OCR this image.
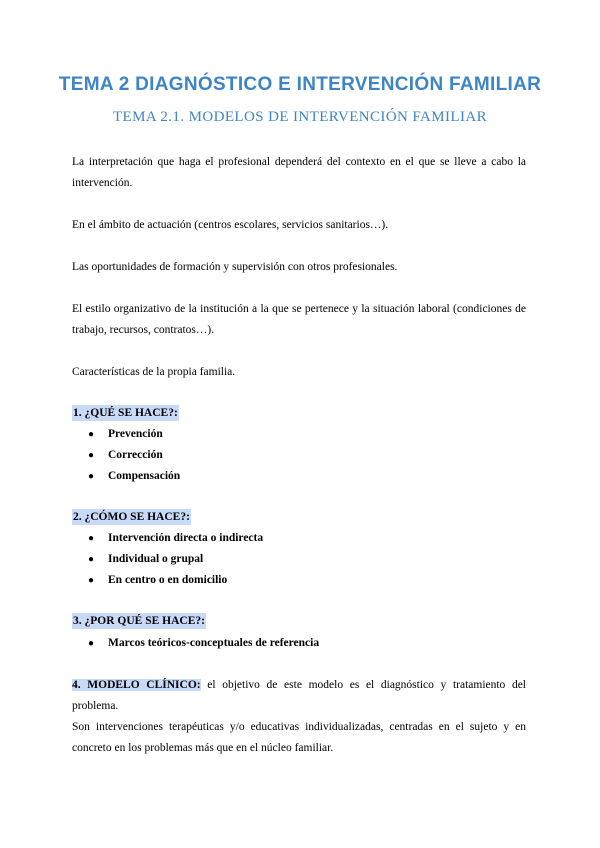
TEMA 2 DIAGNÓSTICO E INTERVENCIÓN FAMILIAR
TEMA 2.1. MODELOS DE INTERVENCIÓN FAMILIAR
La interpretación que haga el profesional dependerá del contexto en el que se lleve a cabo la intervención.
En el ámbito de actuación (centros escolares, servicios sanitarios…).
Las oportunidades de formación y supervisión con otros profesionales.
El estilo organizativo de la institución a la que se pertenece y la situación laboral (condiciones de trabajo, recursos, contratos…).
Características de la propia familia.
1. ¿QUÉ SE HACE?:
●	Prevención
●	Corrección
●	Compensación
2. ¿CÓMO SE HACE?:
●	Intervención directa o indirecta
●	Individual o grupal
●	En centro o en domicilio
3. ¿POR QUÉ SE HACE?:
●	Marcos teóricos-conceptuales de referencia
4. MODELO CLÍNICO: el objetivo de este modelo es el diagnóstico y tratamiento del problema.
Son intervenciones terapéuticas y/o educativas individualizadas, centradas en el sujeto y en concreto en los problemas más que en el núcleo familiar.
